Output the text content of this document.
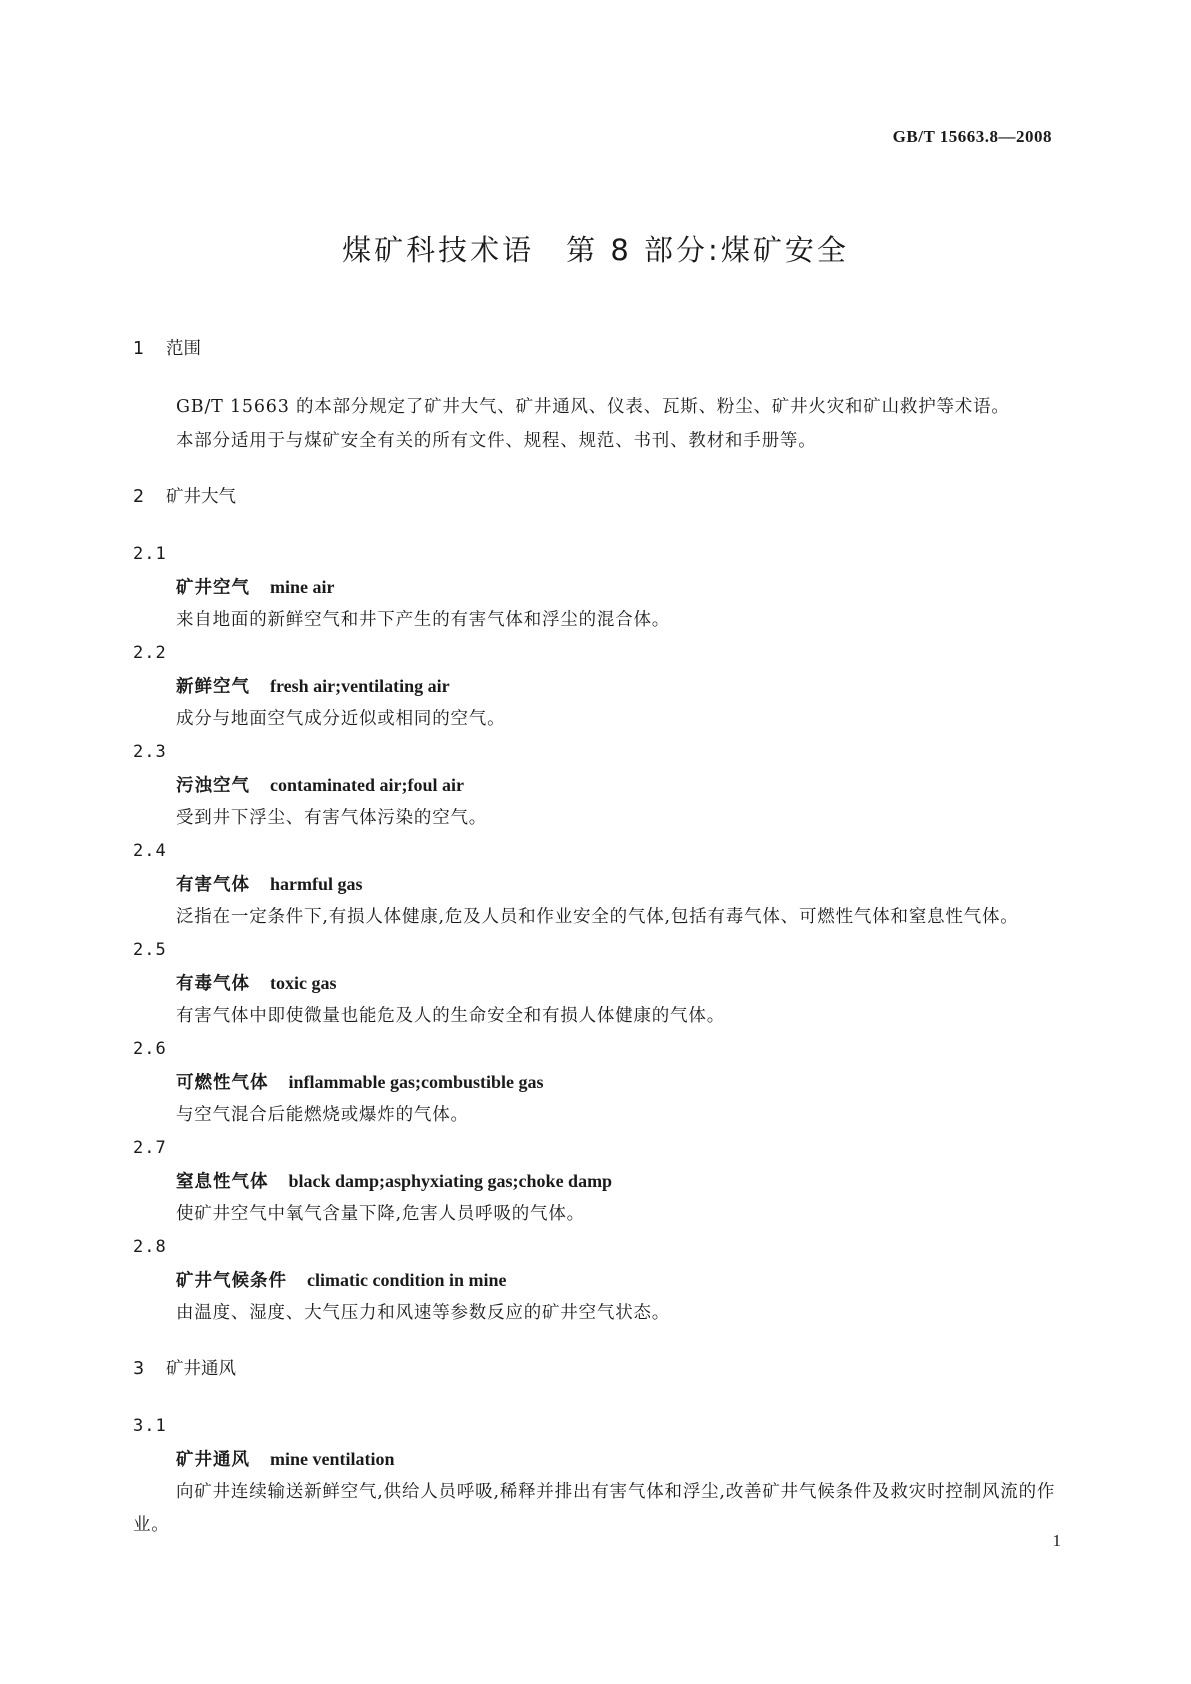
GB/T 15663.8—2008
煤矿科技术语　第 8 部分:煤矿安全
1 范围

GB/T 15663 的本部分规定了矿井大气、矿井通风、仪表、瓦斯、粉尘、矿井火灾和矿山救护等术语。

本部分适用于与煤矿安全有关的所有文件、规程、规范、书刊、教材和手册等。

2 矿井大气
2.1
矿井空气 mine air

来自地面的新鲜空气和井下产生的有害气体和浮尘的混合体。

2.2
新鲜空气 fresh air;ventilating air

成分与地面空气成分近似或相同的空气。

2.3
污浊空气 contaminated air;foul air

受到井下浮尘、有害气体污染的空气。

2.4
有害气体 harmful gas

泛指在一定条件下,有损人体健康,危及人员和作业安全的气体,包括有毒气体、可燃性气体和窒息性气体。

2.5
有毒气体 toxic gas

有害气体中即使微量也能危及人的生命安全和有损人体健康的气体。

2.6
可燃性气体 inflammable gas;combustible gas

与空气混合后能燃烧或爆炸的气体。

2.7
窒息性气体 black damp;asphyxiating gas;choke damp

使矿井空气中氧气含量下降,危害人员呼吸的气体。

2.8
矿井气候条件 climatic condition in mine

由温度、湿度、大气压力和风速等参数反应的矿井空气状态。

3 矿井通风
3.1
矿井通风 mine ventilation

向矿井连续输送新鲜空气,供给人员呼吸,稀释并排出有害气体和浮尘,改善矿井气候条件及救灾时控制风流的作业。

1
